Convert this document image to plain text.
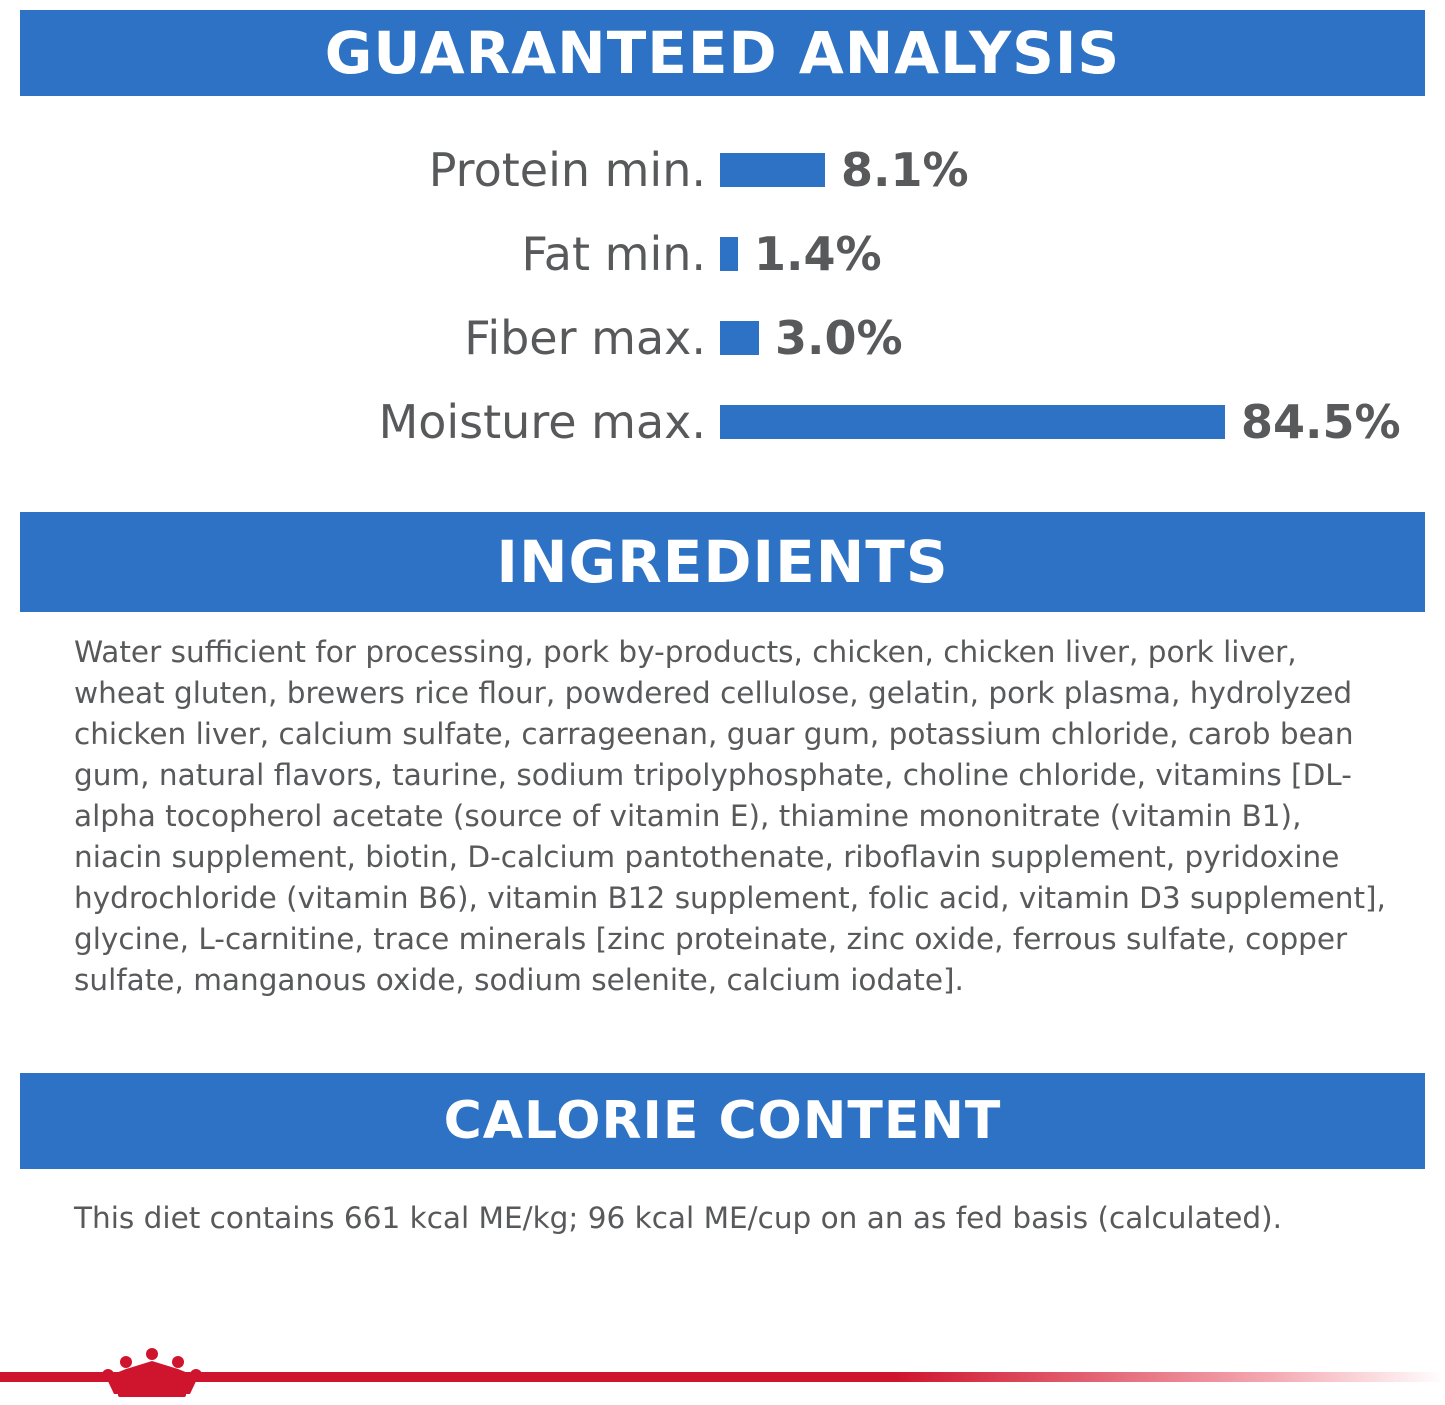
GUARANTEED ANALYSIS
Protein min.	8.1%
Fat min.	1.4%
Fiber max.	3.0%
Moisture max.	84.5%
INGREDIENTS
Water sufficient for processing, pork by-products, chicken, chicken liver, pork liver, wheat gluten, brewers rice flour, powdered cellulose, gelatin, pork plasma, hydrolyzed chicken liver, calcium sulfate, carrageenan, guar gum, potassium chloride, carob bean gum, natural flavors, taurine, sodium tripolyphosphate, choline chloride, vitamins [DL-alpha tocopherol acetate (source of vitamin E), thiamine mononitrate (vitamin B1), niacin supplement, biotin, D-calcium pantothenate, riboflavin supplement, pyridoxine hydrochloride (vitamin B6), vitamin B12 supplement, folic acid, vitamin D3 supplement], glycine, L-carnitine, trace minerals [zinc proteinate, zinc oxide, ferrous sulfate, copper sulfate, manganous oxide, sodium selenite, calcium iodate].
CALORIE CONTENT
This diet contains 661 kcal ME/kg; 96 kcal ME/cup on an as fed basis (calculated).
